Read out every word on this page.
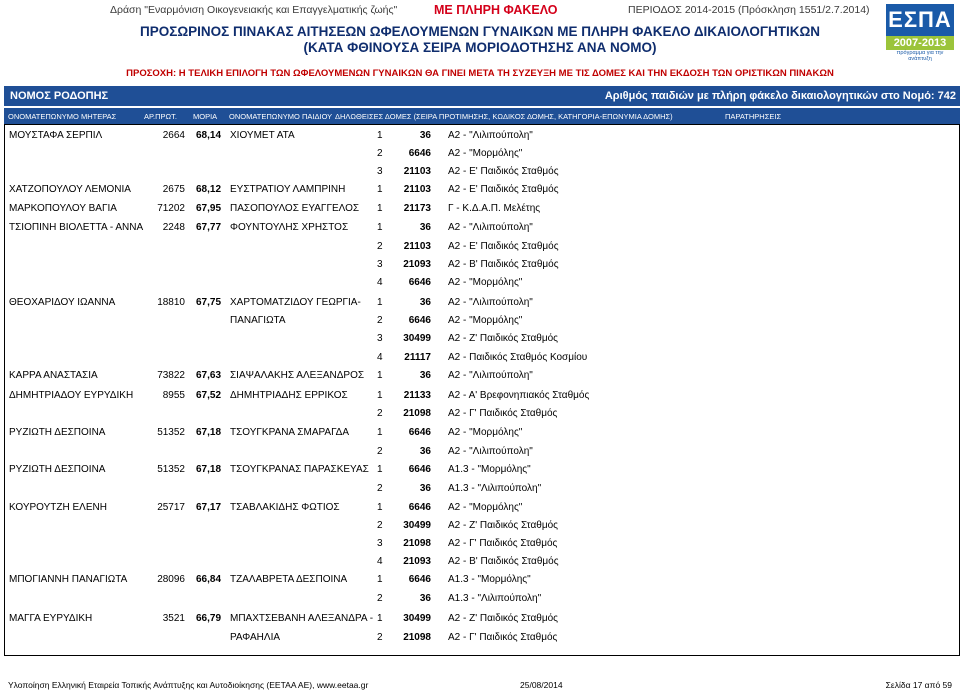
Δράση "Εναρμόνιση Οικογενειακής και Επαγγελματικής ζωής"	ΜΕ ΠΛΗΡΗ ΦΑΚΕΛΟ	ΠΕΡΙΟΔΟΣ 2014-2015 (Πρόσκληση 1551/2.7.2014) ΕΣΠΑ
2007-2013
πρόγραμμα για την ανάπτυξη
ΠΡΟΣΩΡΙΝΟΣ ΠΙΝΑΚΑΣ ΑΙΤΗΣΕΩΝ ΩΦΕΛΟΥΜΕΝΩΝ ΓΥΝΑΙΚΩΝ ΜΕ ΠΛΗΡΗ ΦΑΚΕΛΟ ΔΙΚΑΙΟΛΟΓΗΤΙΚΩΝ
(ΚΑΤΑ ΦΘΙΝΟΥΣΑ ΣΕΙΡΑ ΜΟΡΙΟΔΟΤΗΣΗΣ ΑΝΑ ΝΟΜΟ)
ΠΡΟΣΟΧΗ: Η ΤΕΛΙΚΗ ΕΠΙΛΟΓΗ ΤΩΝ ΩΦΕΛΟΥΜΕΝΩΝ ΓΥΝΑΙΚΩΝ ΘΑ ΓΙΝΕΙ ΜΕΤΑ ΤΗ ΣΥΖΕΥΞΗ ΜΕ ΤΙΣ ΔΟΜΕΣ ΚΑΙ ΤΗΝ ΕΚΔΟΣΗ ΤΩΝ ΟΡΙΣΤΙΚΩΝ ΠΙΝΑΚΩΝ
ΝΟΜΟΣ ΡΟΔΟΠΗΣ	Αριθμός παιδιών με πλήρη φάκελο δικαιολογητικών στο Νομό: 742
ΟΝΟΜΑΤΕΠΩΝΥΜΟ ΜΗΤΕΡΑΣ	ΑΡ.ΠΡΩΤ. ΜΟΡΙΑ ΟΝΟΜΑΤΕΠΩΝΥΜΟ ΠΑΙΔΙΟΥ ΔΗΛΩΘΕΙΣΕΣ ΔΟΜΕΣ (ΣΕΙΡΑ ΠΡΟΤΙΜΗΣΗΣ, ΚΩΔΙΚΟΣ ΔΟΜΗΣ, ΚΑΤΗΓΟΡΙΑ-ΕΠΩΝΥΜΙΑ ΔΟΜΗΣ)	ΠΑΡΑΤΗΡΗΣΕΙΣ
ΜΟΥΣΤΑΦΑ ΣΕΡΠΙΛ	2664 68,14 ΧΙΟΥΜΕΤ ΑΤΑ	1	36 Α2 - "Λιλιπούπολη"
2	6646 Α2 - "Μορμόλης"
3 21103 Α2 - Ε' Παιδικός Σταθμός
ΧΑΤΖΟΠΟΥΛΟΥ ΛΕΜΟΝΙΑ	2675 68,12 ΕΥΣΤΡΑΤΙΟΥ ΛΑΜΠΡΙΝΗ	1 21103 Α2 - Ε' Παιδικός Σταθμός
ΜΑΡΚΟΠΟΥΛΟΥ ΒΑΓΙΑ	71202 67,95 ΠΑΣΟΠΟΥΛΟΣ ΕΥΑΓΓΕΛΟΣ 1 21173 Γ - Κ.Δ.Α.Π. Μελέτης
ΤΣΙΟΠΙΝΗ ΒΙΟΛΕΤΤΑ - ΑΝΝΑ 2248 67,77 ΦΟΥΝΤΟΥΛΗΣ ΧΡΗΣΤΟΣ	1	36 Α2 - "Λιλιπούπολη"
2 21103 Α2 - Ε' Παιδικός Σταθμός
3 21093 Α2 - Β' Παιδικός Σταθμός
4	6646 Α2 - "Μορμόλης"
ΘΕΟΧΑΡΙΔΟΥ ΙΩΑΝΝΑ	18810 67,75 ΧΑΡΤΟΜΑΤΖΙΔΟΥ ΓΕΩΡΓΙΑ- 1	36 Α2 - "Λιλιπούπολη"
ΠΑΝΑΓΙΩΤΑ	2	6646 Α2 - "Μορμόλης"
3 30499 Α2 - Ζ' Παιδικός Σταθμός
4 21117 Α2 - Παιδικός Σταθμός Κοσμίου
ΚΑΡΡΑ ΑΝΑΣΤΑΣΙΑ	73822 67,63 ΣΙΑΨΑΛΑΚΗΣ ΑΛΕΞΑΝΔΡΟΣ 1	36 Α2 - "Λιλιπούπολη"
ΔΗΜΗΤΡΙΑΔΟΥ ΕΥΡΥΔΙΚΗ	8955 67,52 ΔΗΜΗΤΡΙΑΔΗΣ ΕΡΡΙΚΟΣ	1 21133 Α2 - Α' Βρεφονηπιακός Σταθμός
2 21098 Α2 - Γ' Παιδικός Σταθμός
ΡΥΖΙΩΤΗ ΔΕΣΠΟΙΝΑ	51352 67,18 ΤΣΟΥΓΚΡΑΝΑ ΣΜΑΡΑΓΔΑ	1	6646 Α2 - "Μορμόλης"
2	36 Α2 - "Λιλιπούπολη"
ΡΥΖΙΩΤΗ ΔΕΣΠΟΙΝΑ	51352 67,18 ΤΣΟΥΓΚΡΑΝΑΣ ΠΑΡΑΣΚΕΥΑΣ 1	6646 Α1.3 - "Μορμόλης"
2	36 Α1.3 - "Λιλιπούπολη"
ΚΟΥΡΟΥΤΖΗ ΕΛΕΝΗ	25717 67,17 ΤΣΑΒΛΑΚΙΔΗΣ ΦΩΤΙΟΣ	1	6646 Α2 - "Μορμόλης"
2 30499 Α2 - Ζ' Παιδικός Σταθμός
3 21098 Α2 - Γ' Παιδικός Σταθμός
4 21093 Α2 - Β' Παιδικός Σταθμός
ΜΠΟΓΙΑΝΝΗ ΠΑΝΑΓΙΩΤΑ	28096 66,84 ΤΖΑΛΑΒΡΕΤΑ ΔΕΣΠΟΙΝΑ	1	6646 Α1.3 - "Μορμόλης"
2	36 Α1.3 - "Λιλιπούπολη"
ΜΑΓΓΑ ΕΥΡΥΔΙΚΗ	3521 66,79 ΜΠΑΧΤΣΕΒΑΝΗ ΑΛΕΞΑΝΔΡΑ - 1 30499 Α2 - Ζ' Παιδικός Σταθμός
ΡΑΦΑΗΛΙΑ	2 21098 Α2 - Γ' Παιδικός Σταθμός
Υλοποίηση Ελληνική Εταιρεία Τοπικής Ανάπτυξης και Αυτοδιοίκησης (ΕΕΤΑΑ ΑΕ), www.eetaa.gr	25/08/2014	Σελίδα 17 από 59
